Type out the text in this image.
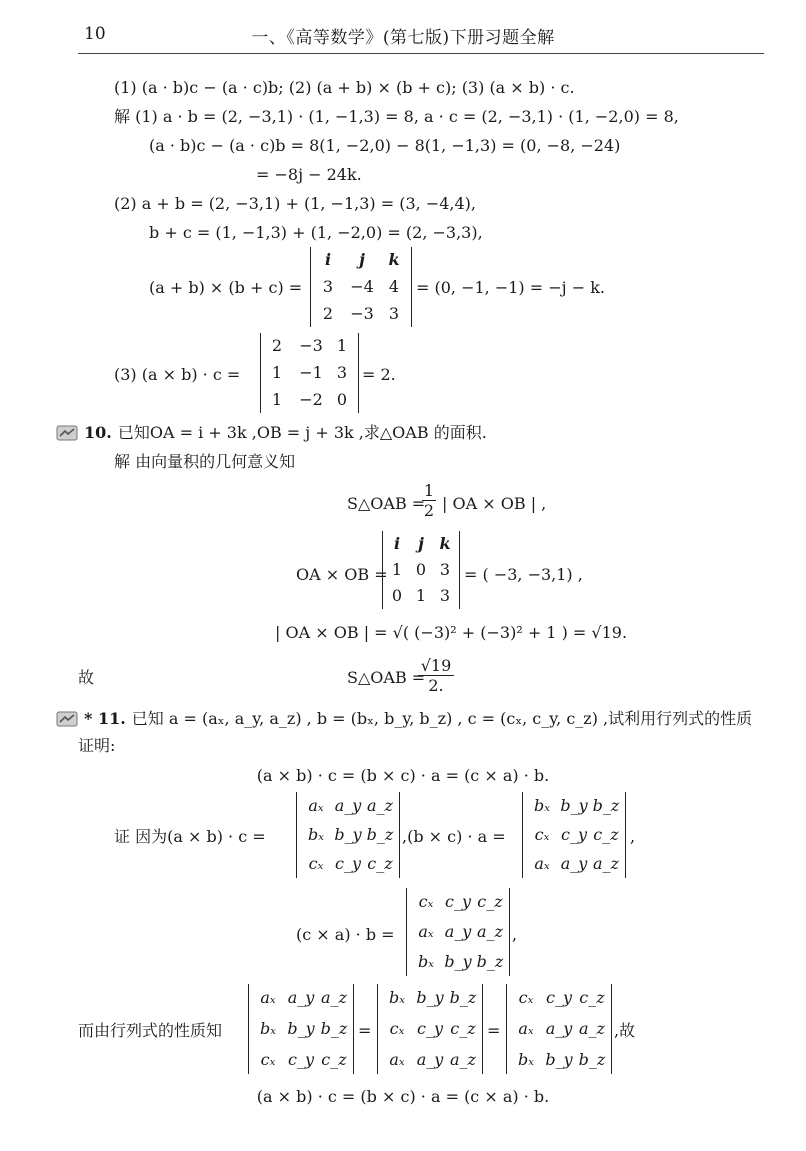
10	一、《高等数学》(第七版)下册习题全解
(1) (a · b)c − (a · c)b; (2) (a + b) × (b + c); (3) (a × b) · c.
解 (1) a · b = (2, −3,1) · (1, −1,3) = 8, a · c = (2, −3,1) · (1, −2,0) = 8,
(a · b)c − (a · c)b = 8(1, −2,0) − 8(1, −1,3) = (0, −8, −24)
= −8j − 24k.
(2) a + b = (2, −3,1) + (1, −1,3) = (3, −4,4),
b + c = (1, −1,3) + (1, −2,0) = (2, −3,3),
(a + b) × (b + c) =
i	j	k
3	−4 4
2	−3 3
= (0, −1, −1) = −j − k.
(3) (a × b) · c =
2	−3 1
1	−1 3
1	−2 0
= 2.
10. 已知OA = i + 3k ,OB = j + 3k ,求△OAB 的面积.
解 由向量积的几何意义知
S△OAB =
$\frac{1}{2}$ | OA × OB | ,
OA × OB =
i	j k
1 0 3
0 1 3
= ( −3, −3,1) ,
| OA × OB | = √( (−3)² + (−3)² + 1 ) = √19.
故	S△OAB =
$\frac{√19}{2.}$
* 11. 已知 a = (aₓ, a_y, a_z) , b = (bₓ, b_y, b_z) , c = (cₓ, c_y, c_z) ,试利用行列式的性质
证明:
(a × b) · c = (b × c) · a = (c × a) · b.
证 因为(a × b) · c =
aₓ a_y a_z
bₓ b_y b_z
cₓ c_y c_z
,(b × c) · a =
bₓ b_y b_z
cₓ c_y c_z
aₓ a_y a_z
,
(c × a) · b =
cₓ c_y c_z
aₓ a_y a_z
bₓ b_y b_z
,
而由行列式的性质知
aₓ a_y a_z
bₓ b_y b_z
cₓ c_y c_z
=
bₓ b_y b_z
cₓ c_y c_z
aₓ a_y a_z
=
cₓ c_y c_z
aₓ a_y a_z
bₓ b_y b_z
,故
(a × b) · c = (b × c) · a = (c × a) · b.
